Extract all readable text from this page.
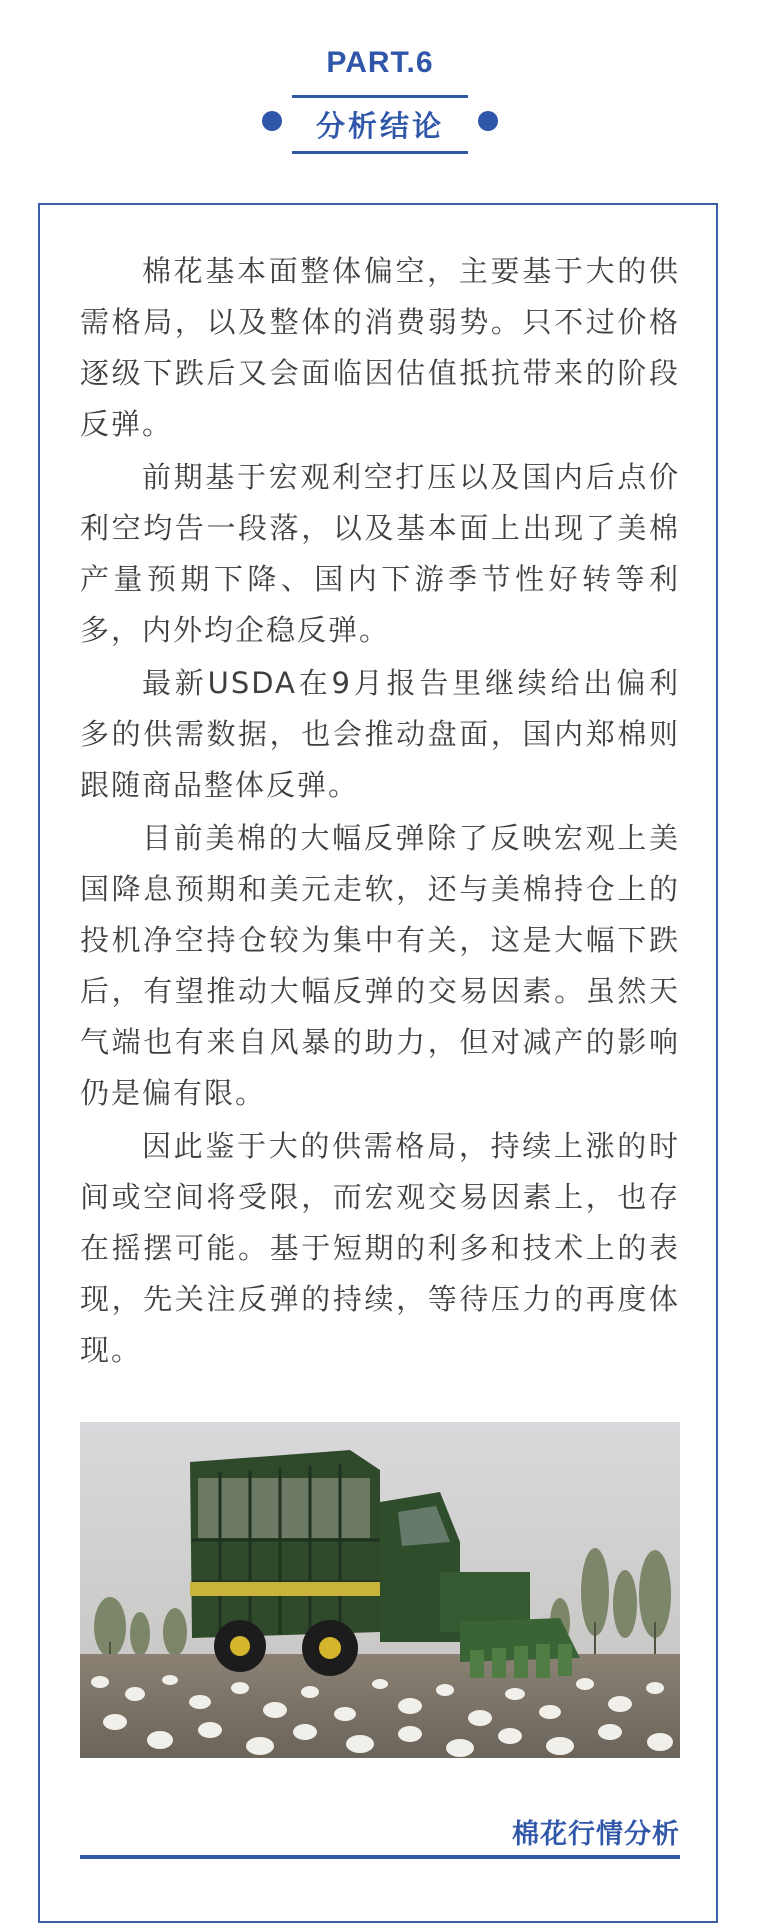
PART.6
分析结论

棉花基本面整体偏空，主要基于大的供需格局，以及整体的消费弱势。只不过价格逐级下跌后又会面临因估值抵抗带来的阶段反弹。

前期基于宏观利空打压以及国内后点价利空均告一段落，以及基本面上出现了美棉产量预期下降、国内下游季节性好转等利多，内外均企稳反弹。

最新USDA在9月报告里继续给出偏利多的供需数据，也会推动盘面，国内郑棉则跟随商品整体反弹。

目前美棉的大幅反弹除了反映宏观上美国降息预期和美元走软，还与美棉持仓上的投机净空持仓较为集中有关，这是大幅下跌后，有望推动大幅反弹的交易因素。虽然天气端也有来自风暴的助力，但对减产的影响仍是偏有限。

因此鉴于大的供需格局，持续上涨的时间或空间将受限，而宏观交易因素上，也存在摇摆可能。基于短期的利多和技术上的表现，先关注反弹的持续，等待压力的再度体现。

棉花行情分析
